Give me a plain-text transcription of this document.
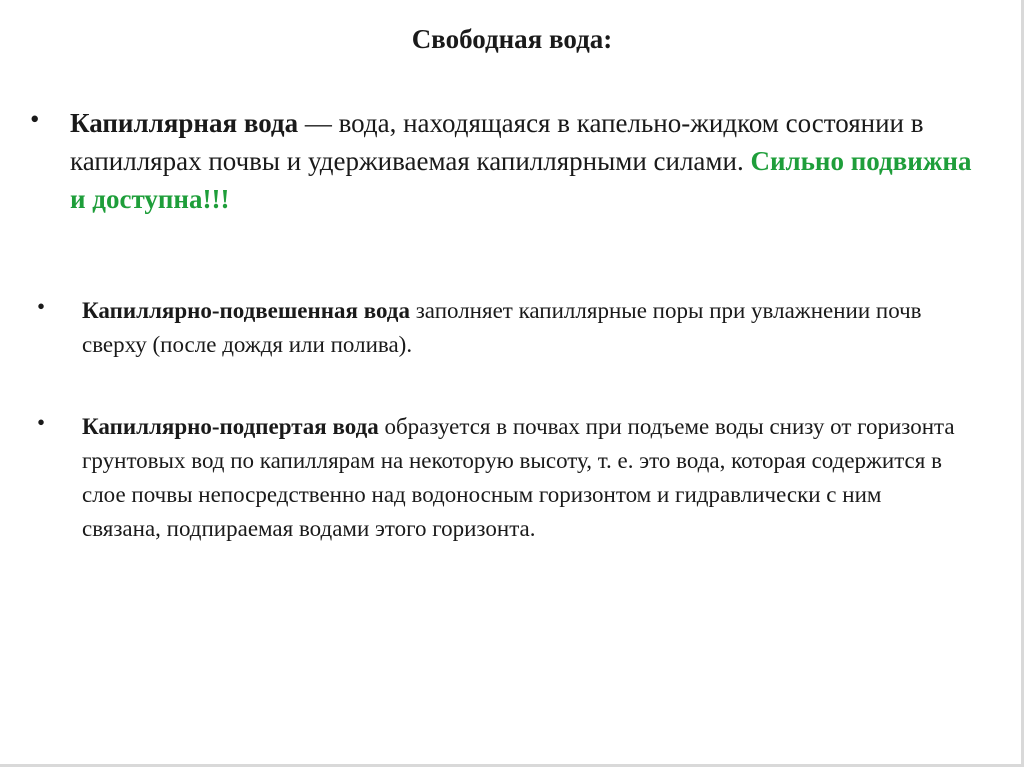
Свободная вода:
• Капиллярная вода — вода, находящаяся в капельно-жидком состоянии в капиллярах почвы и удерживаемая капиллярными силами. Сильно подвижна и доступна!!!
• Капиллярно-подвешенная вода заполняет капиллярные поры при увлажнении почв сверху (после дождя или полива).
• Капиллярно-подпертая вода образуется в почвах при подъеме воды снизу от горизонта грунтовых вод по капиллярам на некоторую высоту, т. е. это вода, которая содержится в слое почвы непосредственно над водоносным горизонтом и гидравлически с ним связана, подпираемая водами этого горизонта.
